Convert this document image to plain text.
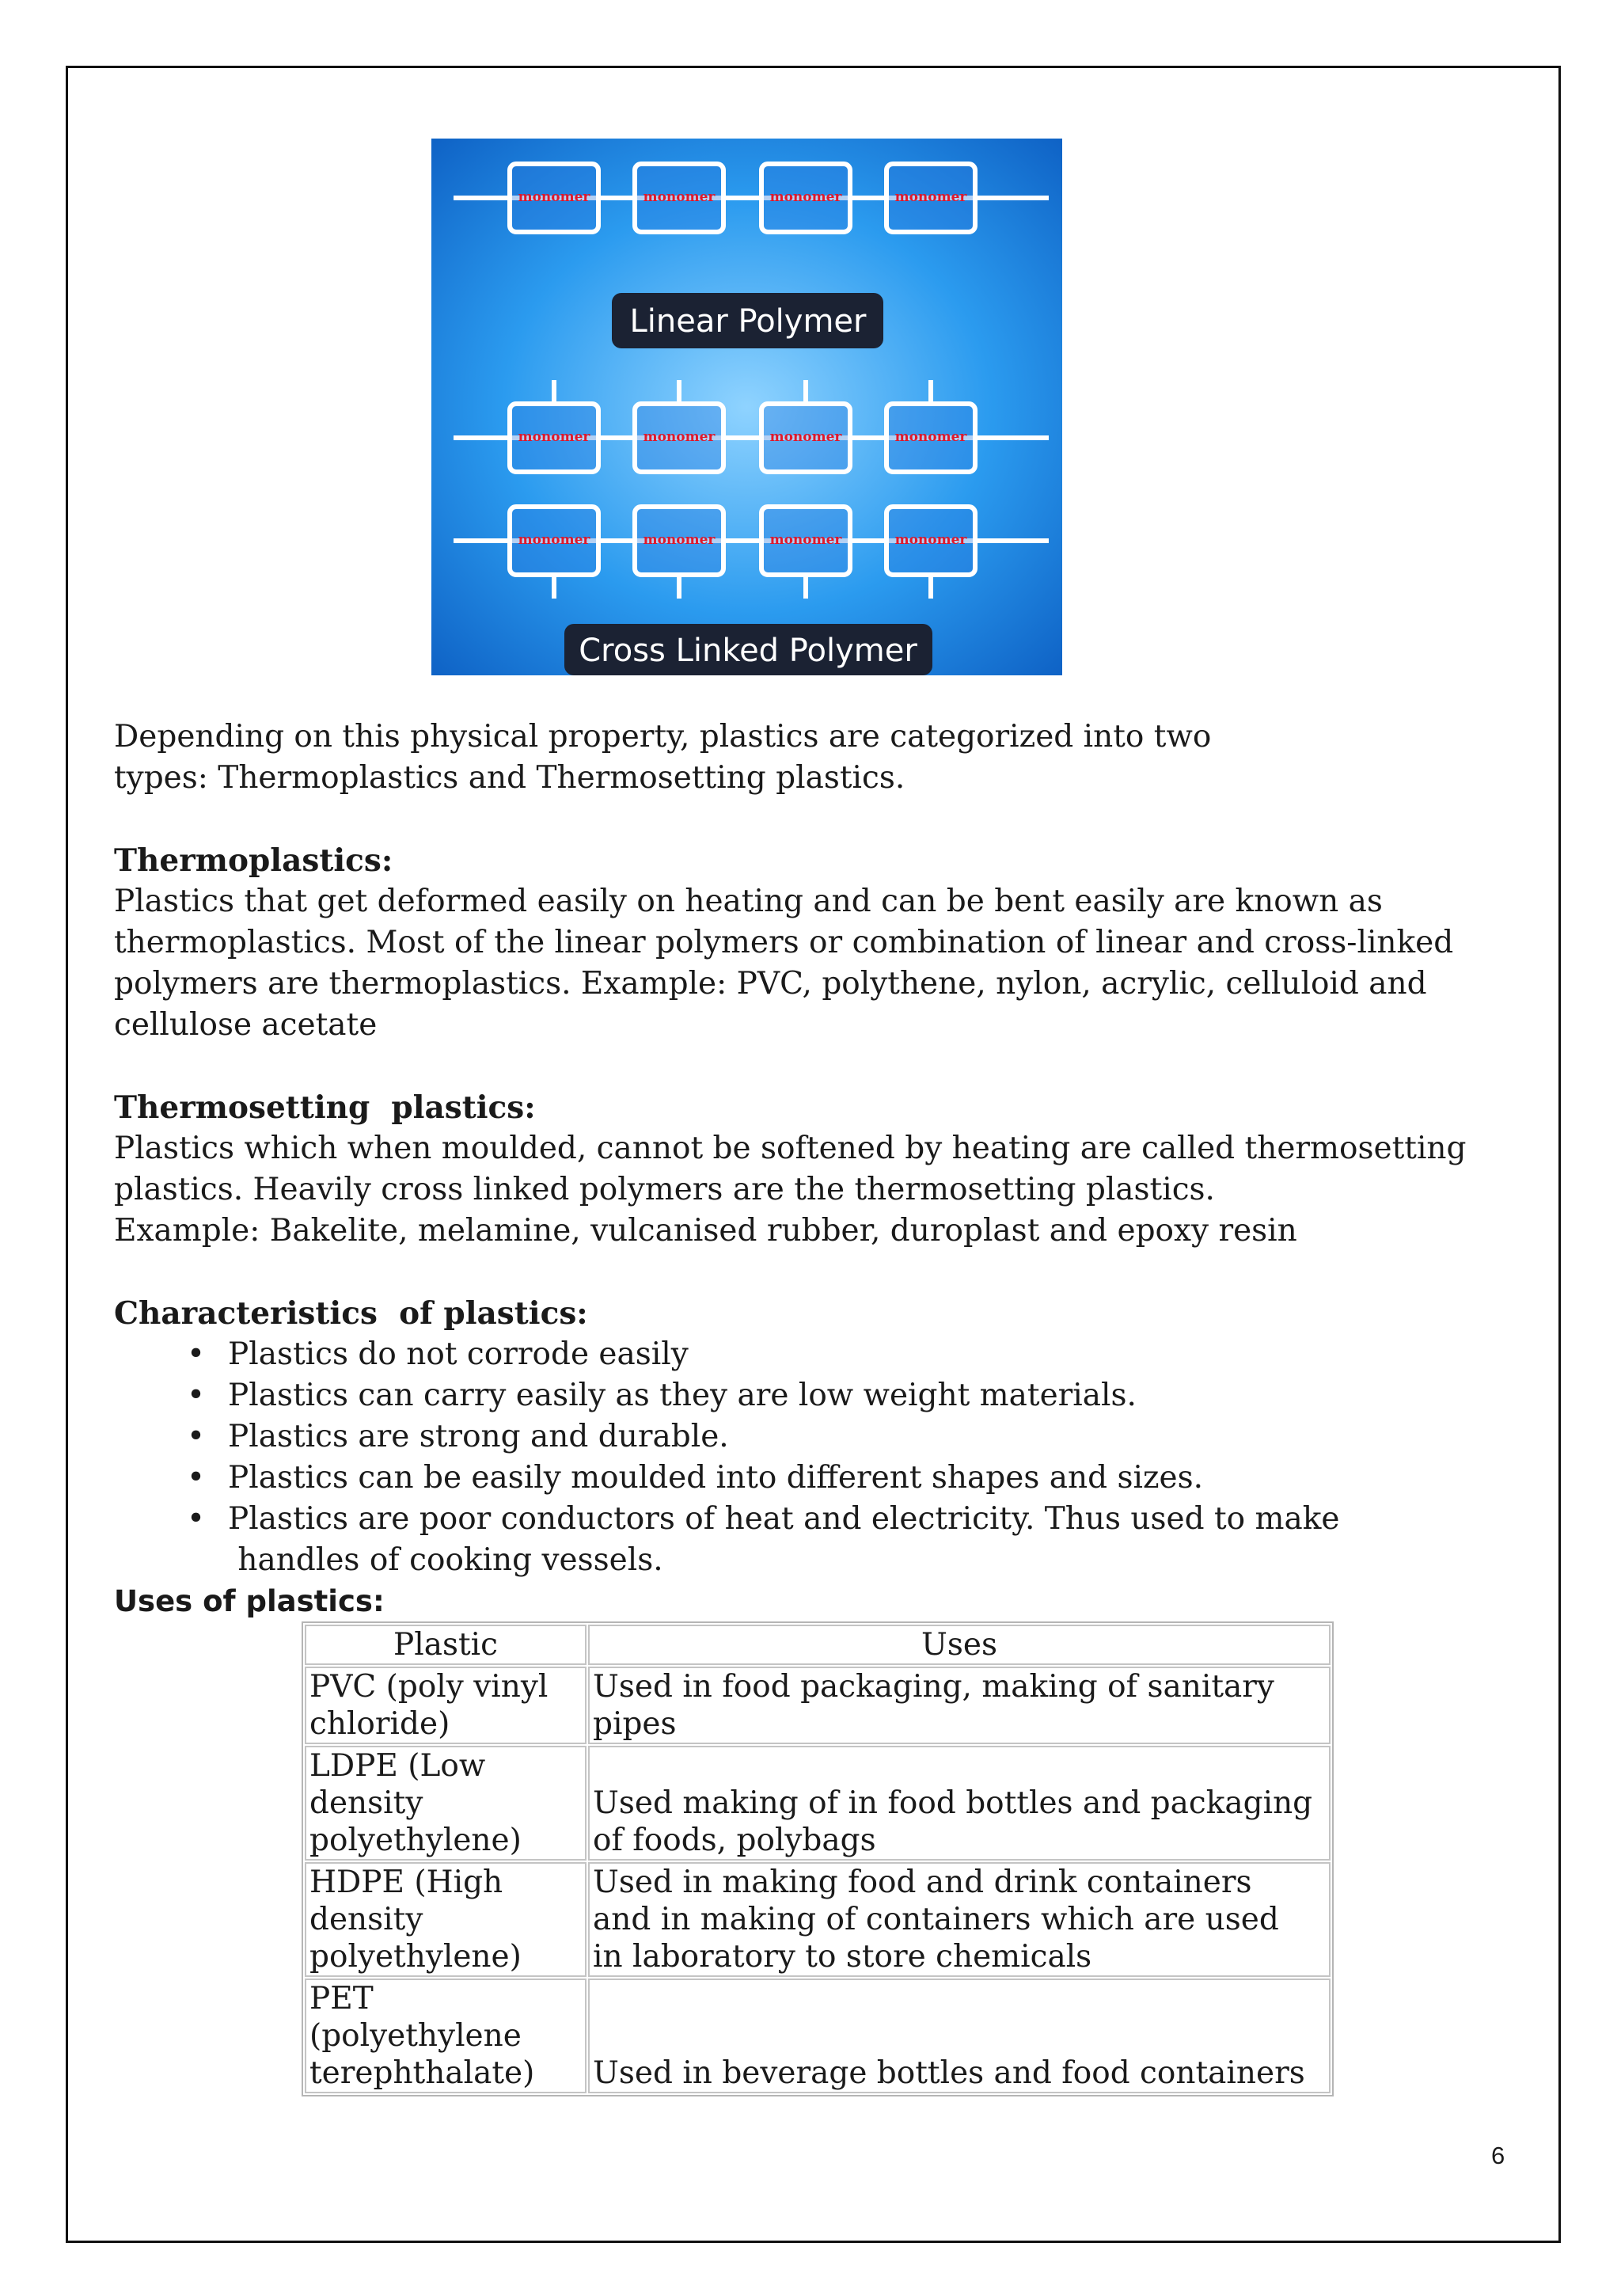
monomer	monomer	monomer	monomer
monomer	monomer	monomer	monomer
monomer	monomer	monomer	monomer
Linear Polymer
Cross Linked Polymer

Depending on this physical property, plastics are categorized into two
types: Thermoplastics and Thermosetting plastics.

Thermoplastics:

Plastics that get deformed easily on heating and can be bent easily are known as
thermoplastics. Most of the linear polymers or combination of linear and cross-linked
polymers are thermoplastics. Example: PVC, polythene, nylon, acrylic, celluloid and
cellulose acetate

Thermosetting  plastics:

Plastics which when moulded, cannot be softened by heating are called thermosetting
plastics. Heavily cross linked polymers are the thermosetting plastics.
Example: Bakelite, melamine, vulcanised rubber, duroplast and epoxy resin

Characteristics  of plastics:

• Plastics do not corrode easily
• Plastics can carry easily as they are low weight materials.
• Plastics are strong and durable.
• Plastics can be easily moulded into different shapes and sizes.
• Plastics are poor conductors of heat and electricity. Thus used to make
handles of cooking vessels.

Uses of plastics:

Plastic	Uses
PVC (poly vinyl
chloride)	Used in food packaging, making of sanitary
pipes
LDPE (Low
density
polyethylene)	Used making of in food bottles and packaging
of foods, polybags
HDPE (High
density
polyethylene)	Used in making food and drink containers
and in making of containers which are used
in laboratory to store chemicals
PET
(polyethylene
terephthalate)	Used in beverage bottles and food containers
6
